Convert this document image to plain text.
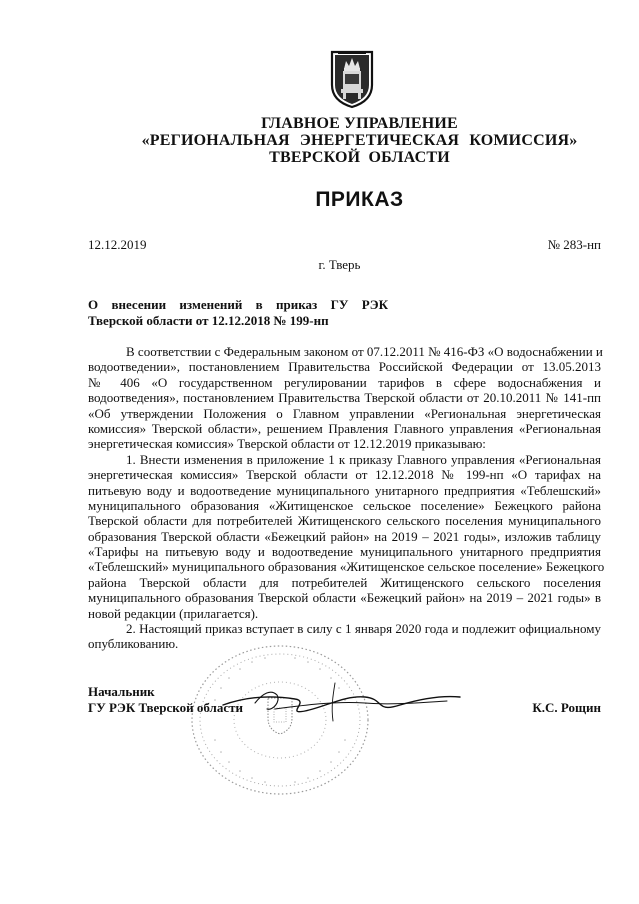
ГЛАВНОЕ УПРАВЛЕНИЕ
«РЕГИОНАЛЬНАЯ ЭНЕРГЕТИЧЕСКАЯ КОМИССИЯ»
ТВЕРСКОЙ ОБЛАСТИ
ПРИКАЗ
12.12.2019	№ 283-нп
г. Тверь
О внесении изменений в приказ ГУ РЭК
Тверской области от 12.12.2018 № 199-нп
В соответствии с Федеральным законом от 07.12.2011 № 416-ФЗ «О водоснабжении и
водоотведении», постановлением Правительства Российской Федерации от 13.05.2013
№ 406 «О государственном регулировании тарифов в сфере водоснабжения и
водоотведения», постановлением Правительства Тверской области от 20.10.2011 № 141-пп
«Об утверждении Положения о Главном управлении «Региональная энергетическая
комиссия» Тверской области», решением Правления Главного управления «Региональная
энергетическая комиссия» Тверской области от 12.12.2019 приказываю:
1. Внести изменения в приложение 1 к приказу Главного управления «Региональная
энергетическая комиссия» Тверской области от 12.12.2018 № 199-нп «О тарифах на
питьевую воду и водоотведение муниципального унитарного предприятия «Теблешский»
муниципального образования «Житищенское сельское поселение» Бежецкого района
Тверской области для потребителей Житищенского сельского поселения муниципального
образования Тверской области «Бежецкий район» на 2019 – 2021 годы», изложив таблицу
«Тарифы на питьевую воду и водоотведение муниципального унитарного предприятия
«Теблешский» муниципального образования «Житищенское сельское поселение» Бежецкого
района Тверской области для потребителей Житищенского сельского поселения
муниципального образования Тверской области «Бежецкий район» на 2019 – 2021 годы» в
новой редакции (прилагается).
2. Настоящий приказ вступает в силу с 1 января 2020 года и подлежит официальному
опубликованию.
Начальник
ГУ РЭК Тверской области	К.С. Рощин
